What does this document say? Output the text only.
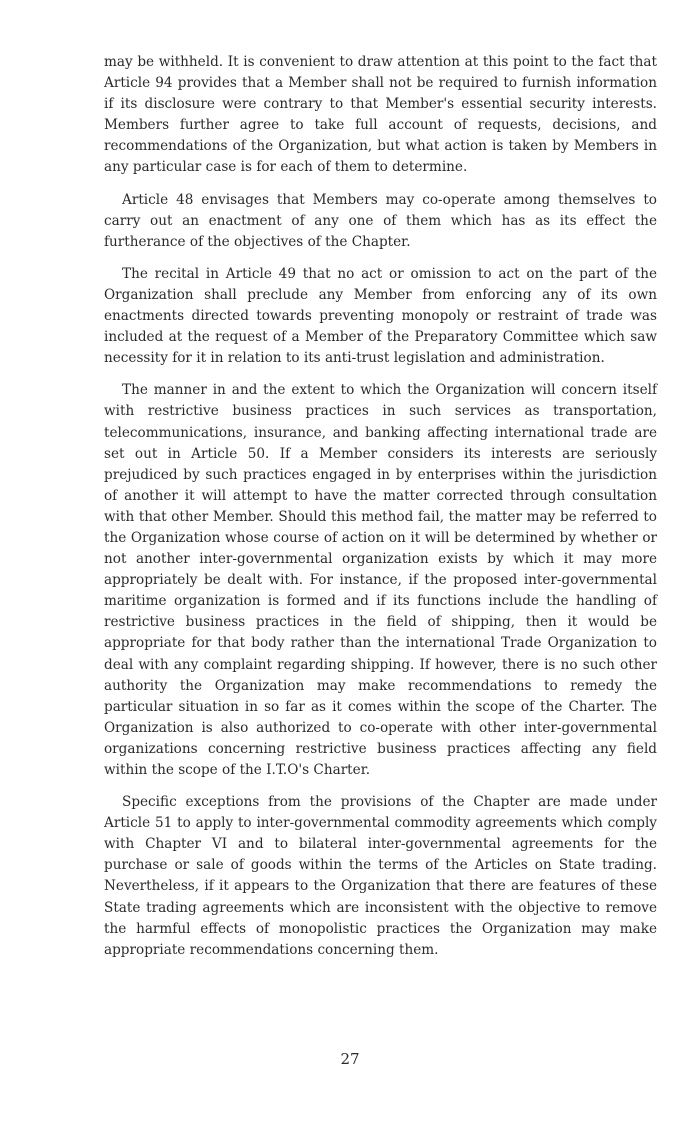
may be withheld. It is convenient to draw attention at this point to the fact that Article 94 provides that a Member shall not be required to furnish information if its disclosure were contrary to that Member's essential security interests. Members further agree to take full account of requests, decisions, and recommendations of the Organization, but what action is taken by Members in any particular case is for each of them to determine.

Article 48 envisages that Members may co-operate among themselves to carry out an enactment of any one of them which has as its effect the furtherance of the objectives of the Chapter.

The recital in Article 49 that no act or omission to act on the part of the Organization shall preclude any Member from enforcing any of its own enactments directed towards preventing monopoly or restraint of trade was included at the request of a Member of the Preparatory Committee which saw necessity for it in relation to its anti-trust legislation and administration.

The manner in and the extent to which the Organization will concern itself with restrictive business practices in such services as transportation, telecommunications, insurance, and banking affecting international trade are set out in Article 50. If a Member considers its interests are seriously prejudiced by such practices engaged in by enterprises within the jurisdiction of another it will attempt to have the matter corrected through consultation with that other Member. Should this method fail, the matter may be referred to the Organization whose course of action on it will be determined by whether or not another inter-governmental organization exists by which it may more appropriately be dealt with. For instance, if the proposed inter-governmental maritime organization is formed and if its functions include the handling of restrictive business practices in the field of shipping, then it would be appropriate for that body rather than the international Trade Organization to deal with any complaint regarding shipping. If however, there is no such other authority the Organization may make recommendations to remedy the particular situation in so far as it comes within the scope of the Charter. The Organization is also authorized to co-operate with other inter-governmental organizations concerning restrictive business practices affecting any field within the scope of the I.T.O's Charter.

Specific exceptions from the provisions of the Chapter are made under Article 51 to apply to inter-governmental commodity agreements which comply with Chapter VI and to bilateral inter-governmental agreements for the purchase or sale of goods within the terms of the Articles on State trading. Nevertheless, if it appears to the Organization that there are features of these State trading agreements which are inconsistent with the objective to remove the harmful effects of monopolistic practices the Organization may make appropriate recommendations concerning them.

27
